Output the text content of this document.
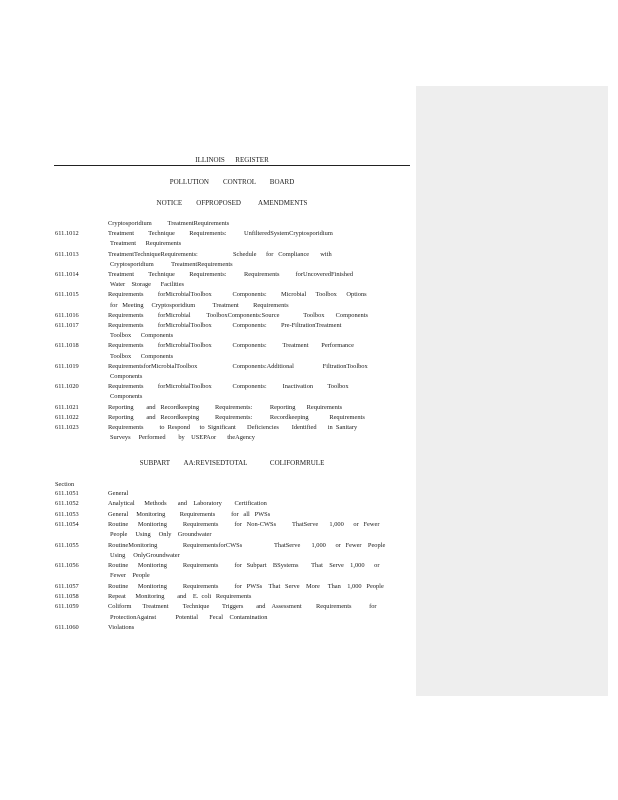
ILLINOIS      REGISTER
POLLUTION        CONTROL        BOARD
NOTICE        OFPROPOSED          AMENDMENTS
Cryptosporidium          TreatmentRequirements
611.1012	Treatment         Technique         Requirements:           UnfilteredSystemCryptosporidium
Treatment      Requirements
611.1013	TreatmentTechniqueRequirements:                      Schedule      for   Compliance       with
Cryptosporidium           TreatmentRequirements
611.1014	Treatment         Technique         Requirements:           Requirements          forUncoveredFinished
Water    Storage      Facilities
611.1015	Requirements         forMicrobialToolbox             Components:         Microbial      Toolbox      Options
for   Meeting     Cryptosporidium           Treatment         Requirements
611.1016	Requirements         forMicrobial          ToolboxComponents:Source               Toolbox       Components
611.1017	Requirements         forMicrobialToolbox             Components:         Pre-FiltrationTreatment
Toolbox      Components
611.1018	Requirements         forMicrobialToolbox             Components:          Treatment        Performance
Toolbox      Components
611.1019	RequirementsforMicrobialToolbox                      Components:Additional                  FiltrationToolbox
Components
611.1020	Requirements         forMicrobialToolbox             Components:          Inactivation         Toolbox
Components
611.1021	Reporting        and   Recordkeeping          Requirements:           Reporting       Requirements
611.1022	Reporting        and   Recordkeeping          Requirements:           Recordkeeping             Requirements
611.1023	Requirements          to  Respond      to  Significant       Deficiencies        Identified       in  Sanitary
Surveys     Performed        by    USEPAor       theAgency
SUBPART        AA:REVISEDTOTAL             COLIFORMRULE
Section
611.1051	General
611.1052	Analytical      Methods       and    Laboratory        Certification
611.1053	General     Monitoring         Requirements          for   all   PWSs
611.1054	Routine      Monitoring          Requirements          for   Non-CWSs          ThatServe       1,000      or   Fewer
People     Using     Only    Groundwater
611.1055	RoutineMonitoring                RequirementsforCWSs                    ThatServe       1,000      or   Fewer    People
Using     OnlyGroundwater
611.1056	Routine      Monitoring          Requirements          for   Subpart    BSystems        That    Serve    1,000      or
Fewer    People
611.1057	Routine      Monitoring          Requirements          for   PWSs    That   Serve    More     Than    1,000   People
611.1058	Repeat      Monitoring        and    E.  coli   Requirements
611.1059	Coliform       Treatment         Technique        Triggers        and    Assessment         Requirements           for
ProtectionAgainst            Potential       Fecal    Contamination
611.1060	Violations
